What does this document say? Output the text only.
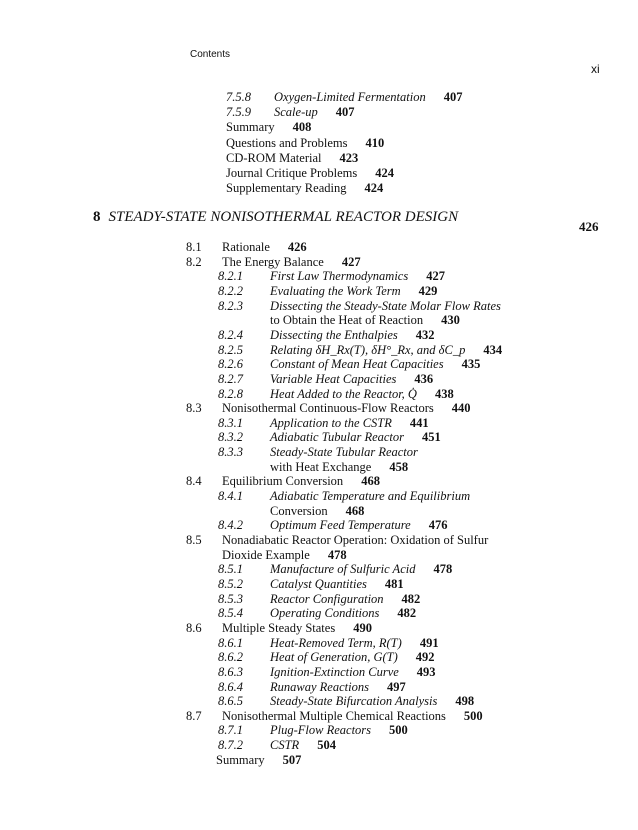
Contents
xi
7.5.8 Oxygen-Limited Fermentation 407
7.5.9 Scale-up 407
Summary 408
Questions and Problems 410
CD-ROM Material 423
Journal Critique Problems 424
Supplementary Reading 424
8 STEADY-STATE NONISOTHERMAL REACTOR DESIGN
426
8.1 Rationale 426
8.2 The Energy Balance 427
8.2.1 First Law Thermodynamics 427
8.2.2 Evaluating the Work Term 429
8.2.3 Dissecting the Steady-State Molar Flow Rates
to Obtain the Heat of Reaction 430
8.2.4 Dissecting the Enthalpies 432
8.2.5 Relating δH_Rx(T), δH°_Rx, and δC_p 434
8.2.6 Constant of Mean Heat Capacities 435
8.2.7 Variable Heat Capacities 436
8.2.8 Heat Added to the Reactor, Q̇ 438
8.3 Nonisothermal Continuous-Flow Reactors 440
8.3.1 Application to the CSTR 441
8.3.2 Adiabatic Tubular Reactor 451
8.3.3 Steady-State Tubular Reactor
with Heat Exchange 458
8.4 Equilibrium Conversion 468
8.4.1 Adiabatic Temperature and Equilibrium
Conversion 468
8.4.2 Optimum Feed Temperature 476
8.5 Nonadiabatic Reactor Operation: Oxidation of Sulfur
Dioxide Example 478
8.5.1 Manufacture of Sulfuric Acid 478
8.5.2 Catalyst Quantities 481
8.5.3 Reactor Configuration 482
8.5.4 Operating Conditions 482
8.6 Multiple Steady States 490
8.6.1 Heat-Removed Term, R(T) 491
8.6.2 Heat of Generation, G(T) 492
8.6.3 Ignition-Extinction Curve 493
8.6.4 Runaway Reactions 497
8.6.5 Steady-State Bifurcation Analysis 498
8.7 Nonisothermal Multiple Chemical Reactions 500
8.7.1 Plug-Flow Reactors 500
8.7.2 CSTR 504
Summary 507
